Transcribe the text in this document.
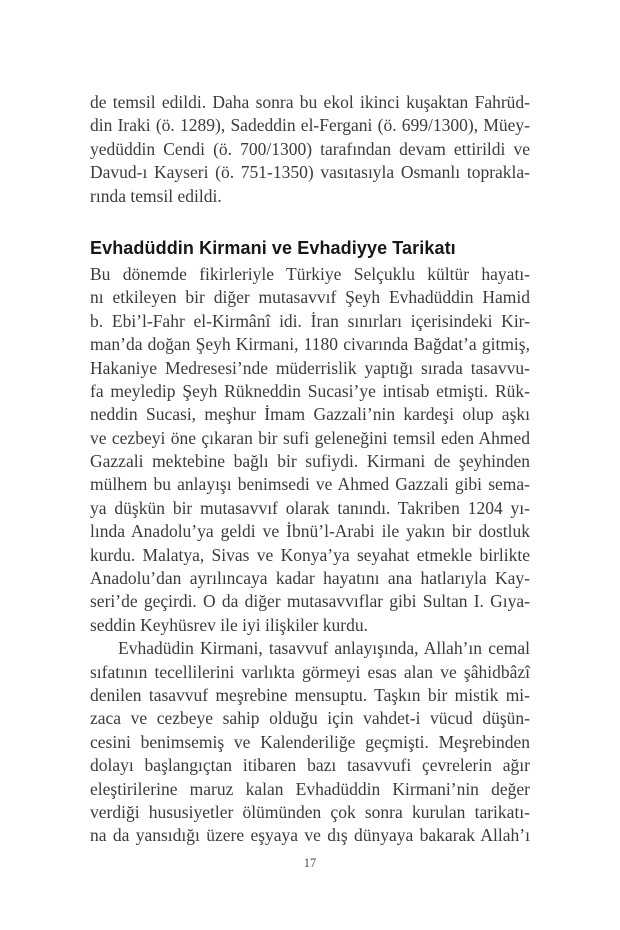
de temsil edildi. Daha sonra bu ekol ikinci kuşaktan Fahrüd-
din Iraki (ö. 1289), Sadeddin el-Fergani (ö. 699/1300), Müey-
yedüddin Cendi (ö. 700/1300) tarafından devam ettirildi ve
Davud-ı Kayseri (ö. 751-1350) vasıtasıyla Osmanlı toprakla-
rında temsil edildi.
Evhadüddin Kirmani ve Evhadiyye Tarikatı
Bu dönemde fikirleriyle Türkiye Selçuklu kültür hayatı-
nı etkileyen bir diğer mutasavvıf Şeyh Evhadüddin Hamid
b. Ebi’l-Fahr el-Kirmânî idi. İran sınırları içerisindeki Kir-
man’da doğan Şeyh Kirmani, 1180 civarında Bağdat’a gitmiş,
Hakaniye Medresesi’nde müderrislik yaptığı sırada tasavvu-
fa meyledip Şeyh Rükneddin Sucasi’ye intisab etmişti. Rük-
neddin Sucasi, meşhur İmam Gazzali’nin kardeşi olup aşkı
ve cezbeyi öne çıkaran bir sufi geleneğini temsil eden Ahmed
Gazzali mektebine bağlı bir sufiydi. Kirmani de şeyhinden
mülhem bu anlayışı benimsedi ve Ahmed Gazzali gibi sema-
ya düşkün bir mutasavvıf olarak tanındı. Takriben 1204 yı-
lında Anadolu’ya geldi ve İbnü’l-Arabi ile yakın bir dostluk
kurdu. Malatya, Sivas ve Konya’ya seyahat etmekle birlikte
Anadolu’dan ayrılıncaya kadar hayatını ana hatlarıyla Kay-
seri’de geçirdi. O da diğer mutasavvıflar gibi Sultan I. Gıya-
seddin Keyhüsrev ile iyi ilişkiler kurdu.
Evhadüdin Kirmani, tasavvuf anlayışında, Allah’ın cemal
sıfatının tecellilerini varlıkta görmeyi esas alan ve şâhidbâzî
denilen tasavvuf meşrebine mensuptu. Taşkın bir mistik mi-
zaca ve cezbeye sahip olduğu için vahdet-i vücud düşün-
cesini benimsemiş ve Kalenderiliğe geçmişti. Meşrebinden
dolayı başlangıçtan itibaren bazı tasavvufi çevrelerin ağır
eleştirilerine maruz kalan Evhadüddin Kirmani’nin değer
verdiği hususiyetler ölümünden çok sonra kurulan tarikatı-
na da yansıdığı üzere eşyaya ve dış dünyaya bakarak Allah’ı
17
